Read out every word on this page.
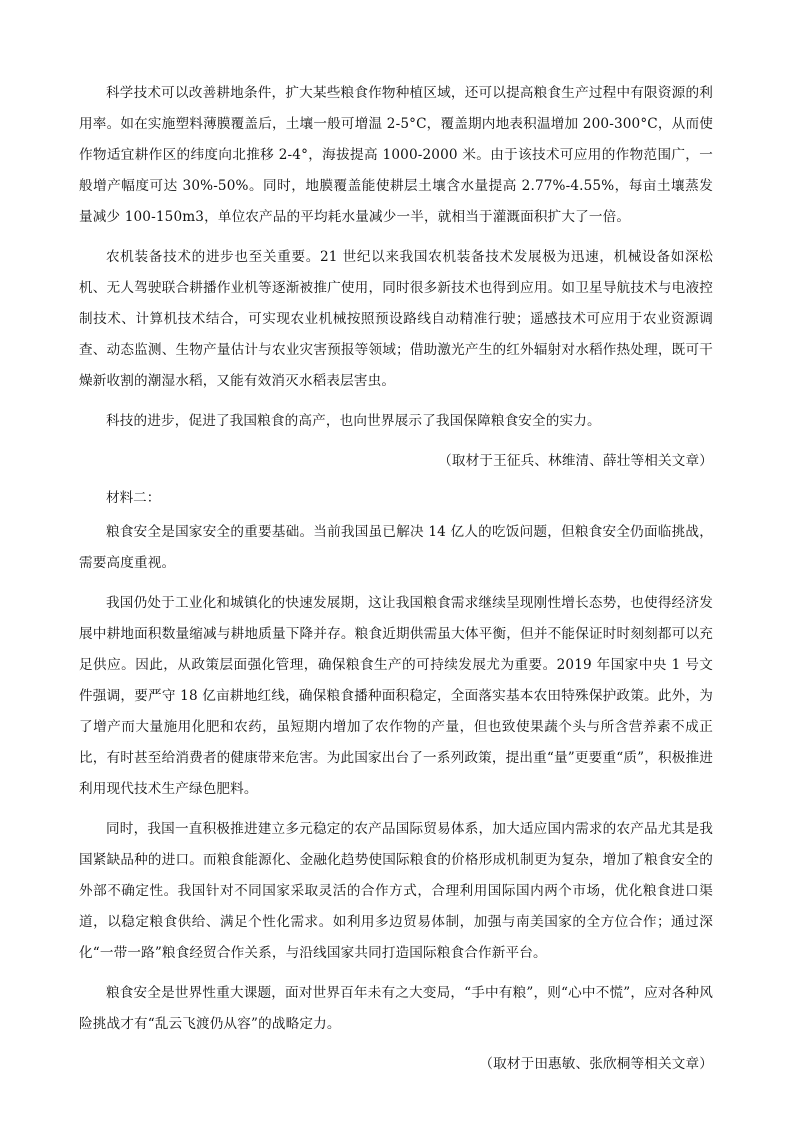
科学技术可以改善耕地条件，扩大某些粮食作物种植区域，还可以提高粮食生产过程中有限资源的利用率。如在实施塑料薄膜覆盖后，土壤一般可增温 2-5°C，覆盖期内地表积温增加 200-300°C，从而使作物适宜耕作区的纬度向北推移 2-4°，海拔提高 1000-2000 米。由于该技术可应用的作物范围广，一般增产幅度可达 30%-50%。同时，地膜覆盖能使耕层土壤含水量提高 2.77%-4.55%，每亩土壤蒸发量减少 100-150m3，单位农产品的平均耗水量减少一半，就相当于灌溉面积扩大了一倍。

农机装备技术的进步也至关重要。21 世纪以来我国农机装备技术发展极为迅速，机械设备如深松机、无人驾驶联合耕播作业机等逐渐被推广使用，同时很多新技术也得到应用。如卫星导航技术与电液控制技术、计算机技术结合，可实现农业机械按照预设路线自动精准行驶；遥感技术可应用于农业资源调查、动态监测、生物产量估计与农业灾害预报等领域；借助激光产生的红外辐射对水稻作热处理，既可干燥新收割的潮湿水稻，又能有效消灭水稻表层害虫。

科技的进步，促进了我国粮食的高产，也向世界展示了我国保障粮食安全的实力。

（取材于王征兵、林维清、薛壮等相关文章）

材料二：

粮食安全是国家安全的重要基础。当前我国虽已解决 14 亿人的吃饭问题，但粮食安全仍面临挑战，需要高度重视。

我国仍处于工业化和城镇化的快速发展期，这让我国粮食需求继续呈现刚性增长态势，也使得经济发展中耕地面积数量缩减与耕地质量下降并存。粮食近期供需虽大体平衡，但并不能保证时时刻刻都可以充足供应。因此，从政策层面强化管理，确保粮食生产的可持续发展尤为重要。2019 年国家中央 1 号文件强调，要严守 18 亿亩耕地红线，确保粮食播种面积稳定，全面落实基本农田特殊保护政策。此外，为了增产而大量施用化肥和农药，虽短期内增加了农作物的产量，但也致使果蔬个头与所含营养素不成正比，有时甚至给消费者的健康带来危害。为此国家出台了一系列政策，提出重“量”更要重“质”，积极推进利用现代技术生产绿色肥料。

同时，我国一直积极推进建立多元稳定的农产品国际贸易体系，加大适应国内需求的农产品尤其是我国紧缺品种的进口。而粮食能源化、金融化趋势使国际粮食的价格形成机制更为复杂，增加了粮食安全的外部不确定性。我国针对不同国家采取灵活的合作方式，合理利用国际国内两个市场，优化粮食进口渠道，以稳定粮食供给、满足个性化需求。如利用多边贸易体制，加强与南美国家的全方位合作；通过深化“一带一路”粮食经贸合作关系，与沿线国家共同打造国际粮食合作新平台。

粮食安全是世界性重大课题，面对世界百年未有之大变局，“手中有粮”，则“心中不慌”，应对各种风险挑战才有“乱云飞渡仍从容”的战略定力。

（取材于田惠敏、张欣桐等相关文章）
